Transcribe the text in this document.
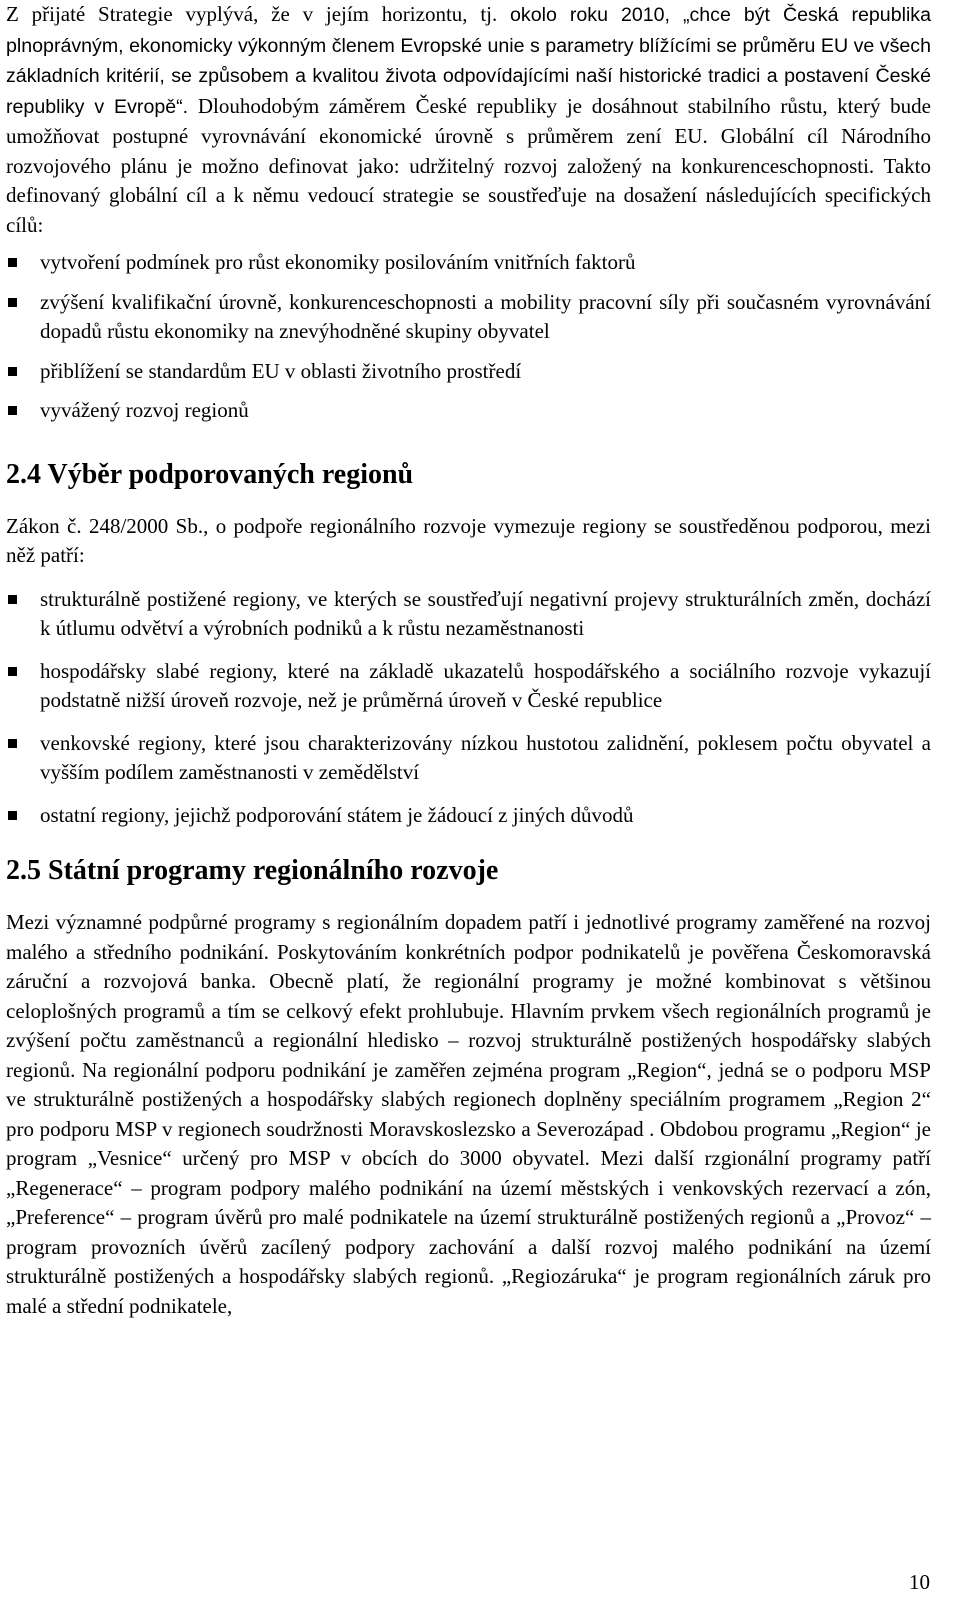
Z přijaté Strategie vyplývá, že v jejím horizontu, tj. okolo roku 2010, „chce být Česká republika plnoprávným, ekonomicky výkonným členem Evropské unie s parametry blížícími se průměru EU ve všech základních kritérií, se způsobem a kvalitou života odpovídajícími naší historické tradici a postavení České republiky v Evropě“. Dlouhodobým záměrem České republiky je dosáhnout stabilního růstu, který bude umožňovat postupné vyrovnávání ekonomické úrovně s průměrem zení EU. Globální cíl Národního rozvojového plánu je možno definovat jako: udržitelný rozvoj založený na konkurenceschopnosti. Takto definovaný globální cíl a k němu vedoucí strategie se soustřeďuje na dosažení následujících specifických cílů:

vytvoření podmínek pro růst ekonomiky posilováním vnitřních faktorů
zvýšení kvalifikační úrovně, konkurenceschopnosti a mobility pracovní síly při současném vyrovnávání dopadů růstu ekonomiky na znevýhodněné skupiny obyvatel
přiblížení se standardům EU v oblasti životního prostředí
vyvážený rozvoj regionů
2.4 Výběr podporovaných regionů

Zákon č. 248/2000 Sb., o podpoře regionálního rozvoje vymezuje regiony se soustředěnou podporou, mezi něž patří:

strukturálně postižené regiony, ve kterých se soustřeďují negativní projevy strukturálních změn, dochází k útlumu odvětví a výrobních podniků a k růstu nezaměstnanosti
hospodářsky slabé regiony, které na základě ukazatelů hospodářského a sociálního rozvoje vykazují podstatně nižší úroveň rozvoje, než je průměrná úroveň v České republice
venkovské regiony, které jsou charakterizovány nízkou hustotou zalidnění, poklesem počtu obyvatel a vyšším podílem zaměstnanosti v zemědělství
ostatní regiony, jejichž podporování státem je žádoucí z jiných důvodů
2.5 Státní programy regionálního rozvoje

Mezi významné podpůrné programy s regionálním dopadem patří i jednotlivé programy zaměřené na rozvoj malého a středního podnikání. Poskytováním konkrétních podpor podnikatelů je pověřena Českomoravská záruční a rozvojová banka. Obecně platí, že regionální programy je možné kombinovat s většinou celoplošných programů a tím se celkový efekt prohlubuje. Hlavním prvkem všech regionálních programů je zvýšení počtu zaměstnanců a regionální hledisko – rozvoj strukturálně postižených hospodářsky slabých regionů. Na regionální podporu podnikání je zaměřen zejména program „Region“, jedná se o podporu MSP ve strukturálně postižených a hospodářsky slabých regionech doplněny speciálním programem „Region 2“ pro podporu MSP v regionech soudržnosti Moravskoslezsko a Severozápad . Obdobou programu „Region“ je program „Vesnice“ určený pro MSP v obcích do 3000 obyvatel. Mezi další rzgionální programy patří „Regenerace“ – program podpory malého podnikání na území městských i venkovských rezervací a zón, „Preference“ – program úvěrů pro malé podnikatele na území strukturálně postižených regionů a „Provoz“ – program provozních úvěrů zacílený podpory zachování a další rozvoj malého podnikání na území strukturálně postižených a hospodářsky slabých regionů. „Regiozáruka“ je program regionálních záruk pro malé a střední podnikatele,

10
